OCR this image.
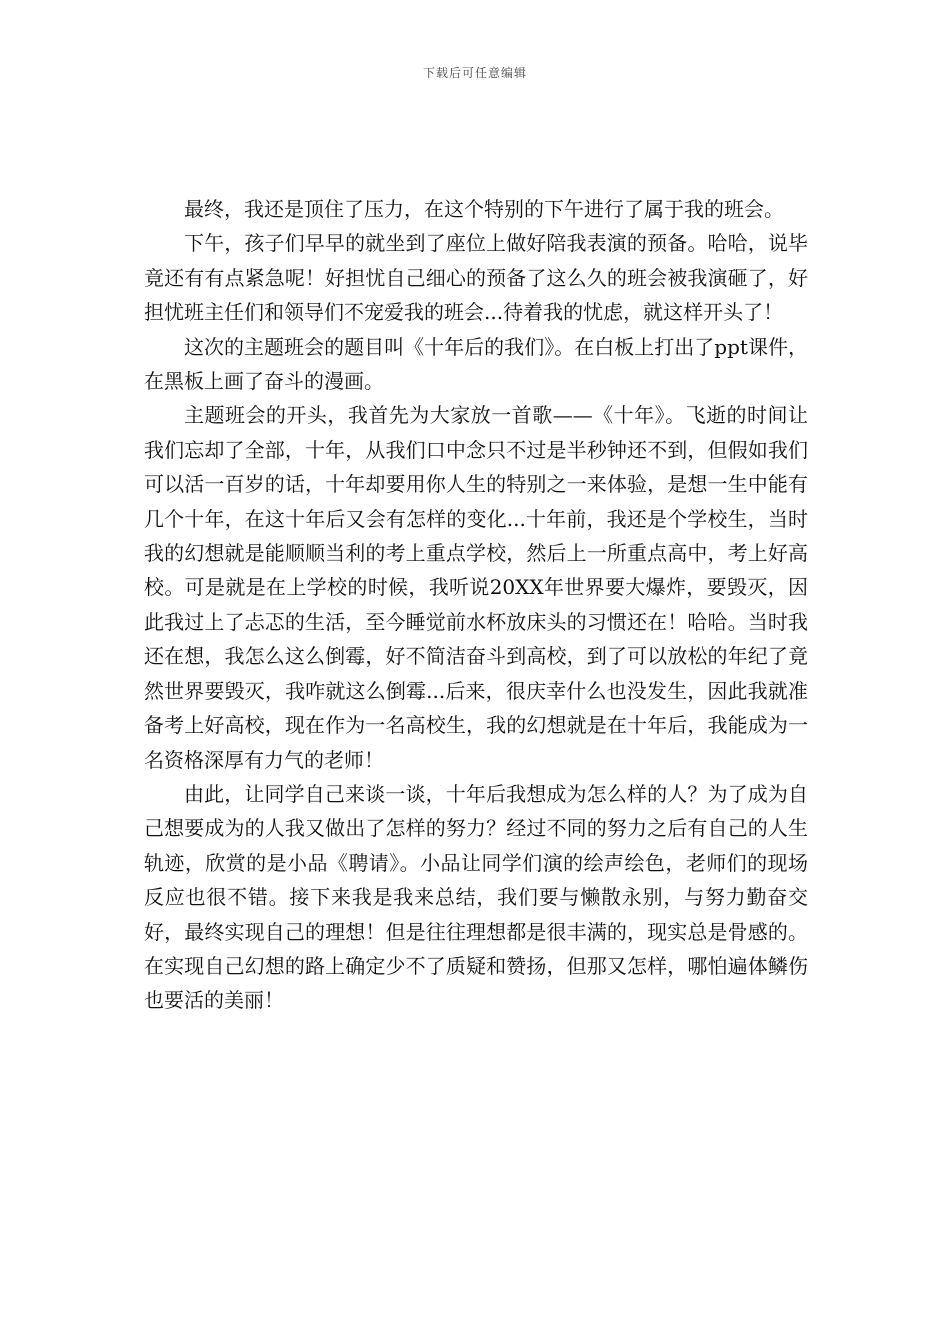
下载后可任意编辑

最终，我还是顶住了压力，在这个特别的下午进行了属于我的班会。

下午，孩子们早早的就坐到了座位上做好陪我表演的预备。哈哈，说毕竟还有有点紧急呢！好担忧自己细心的预备了这么久的班会被我演砸了，好担忧班主任们和领导们不宠爱我的班会...待着我的忧虑，就这样开头了！

这次的主题班会的题目叫《十年后的我们》。在白板上打出了ppt课件，在黑板上画了奋斗的漫画。

主题班会的开头，我首先为大家放一首歌——《十年》。飞逝的时间让我们忘却了全部，十年，从我们口中念只不过是半秒钟还不到，但假如我们可以活一百岁的话，十年却要用你人生的特别之一来体验，是想一生中能有几个十年，在这十年后又会有怎样的变化...十年前，我还是个学校生，当时我的幻想就是能顺顺当利的考上重点学校，然后上一所重点高中，考上好高校。可是就是在上学校的时候，我听说20XX年世界要大爆炸，要毁灭，因此我过上了忐忑的生活，至今睡觉前水杯放床头的习惯还在！哈哈。当时我还在想，我怎么这么倒霉，好不简洁奋斗到高校，到了可以放松的年纪了竟然世界要毁灭，我咋就这么倒霉...后来，很庆幸什么也没发生，因此我就准备考上好高校，现在作为一名高校生，我的幻想就是在十年后，我能成为一名资格深厚有力气的老师！

由此，让同学自己来谈一谈，十年后我想成为怎么样的人？为了成为自己想要成为的人我又做出了怎样的努力？经过不同的努力之后有自己的人生轨迹，欣赏的是小品《聘请》。小品让同学们演的绘声绘色，老师们的现场反应也很不错。接下来我是我来总结，我们要与懒散永别，与努力勤奋交好，最终实现自己的理想！但是往往理想都是很丰满的，现实总是骨感的。在实现自己幻想的路上确定少不了质疑和赞扬，但那又怎样，哪怕遍体鳞伤也要活的美丽！
